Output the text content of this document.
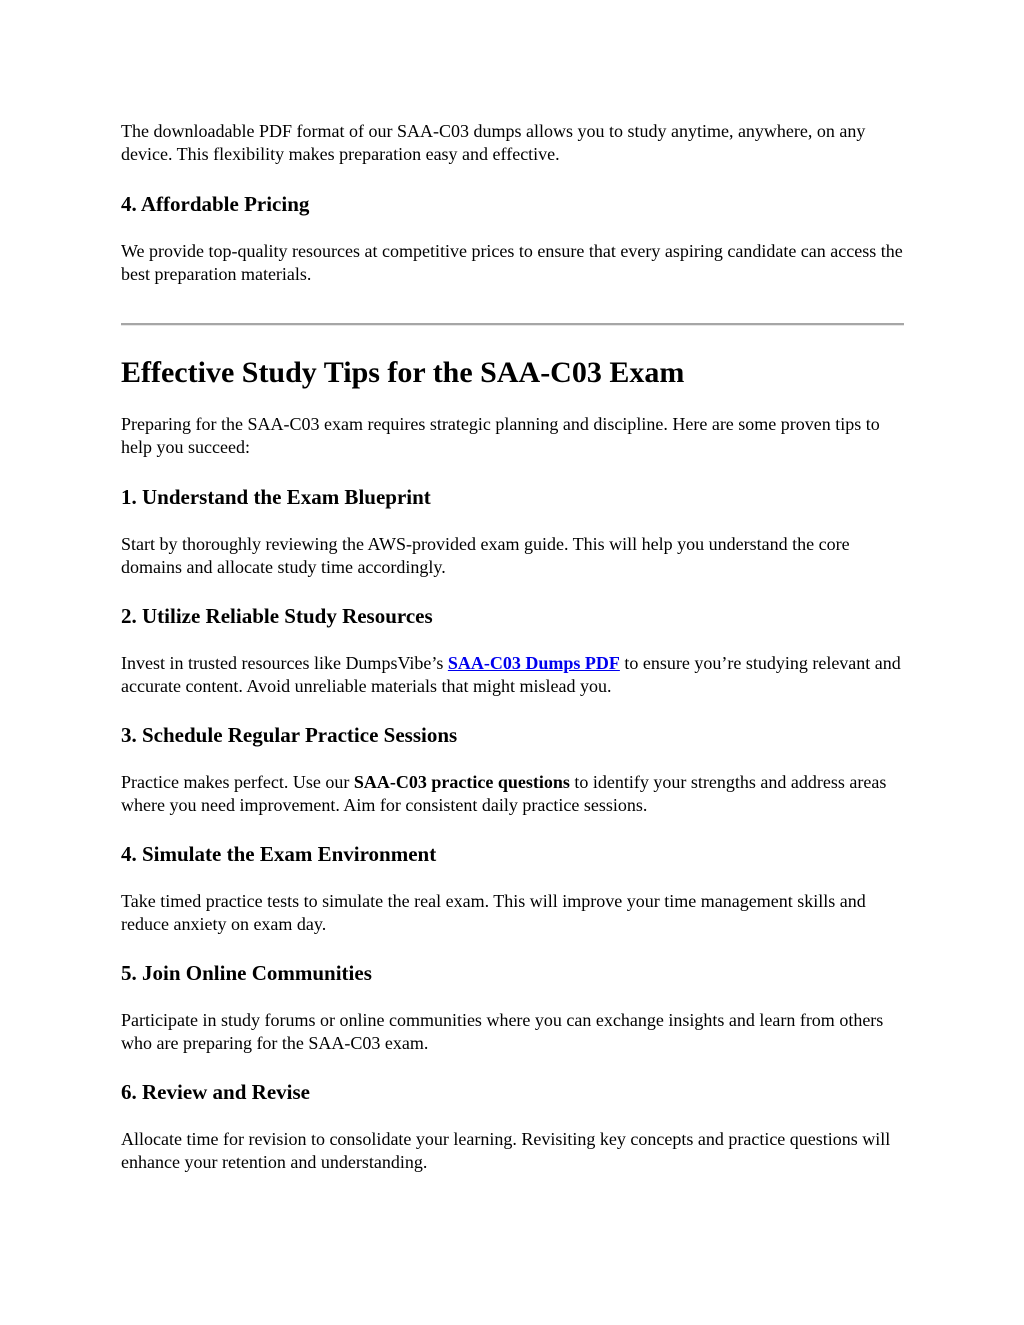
The downloadable PDF format of our SAA-C03 dumps allows you to study anytime, anywhere, on any device. This flexibility makes preparation easy and effective.

4. Affordable Pricing

We provide top-quality resources at competitive prices to ensure that every aspiring candidate can access the best preparation materials.

Effective Study Tips for the SAA-C03 Exam

Preparing for the SAA-C03 exam requires strategic planning and discipline. Here are some proven tips to help you succeed:

1. Understand the Exam Blueprint

Start by thoroughly reviewing the AWS-provided exam guide. This will help you understand the core domains and allocate study time accordingly.

2. Utilize Reliable Study Resources

Invest in trusted resources like DumpsVibe’s SAA-C03 Dumps PDF to ensure you’re studying relevant and accurate content. Avoid unreliable materials that might mislead you.

3. Schedule Regular Practice Sessions

Practice makes perfect. Use our SAA-C03 practice questions to identify your strengths and address areas where you need improvement. Aim for consistent daily practice sessions.

4. Simulate the Exam Environment

Take timed practice tests to simulate the real exam. This will improve your time management skills and reduce anxiety on exam day.

5. Join Online Communities

Participate in study forums or online communities where you can exchange insights and learn from others who are preparing for the SAA-C03 exam.

6. Review and Revise

Allocate time for revision to consolidate your learning. Revisiting key concepts and practice questions will enhance your retention and understanding.
